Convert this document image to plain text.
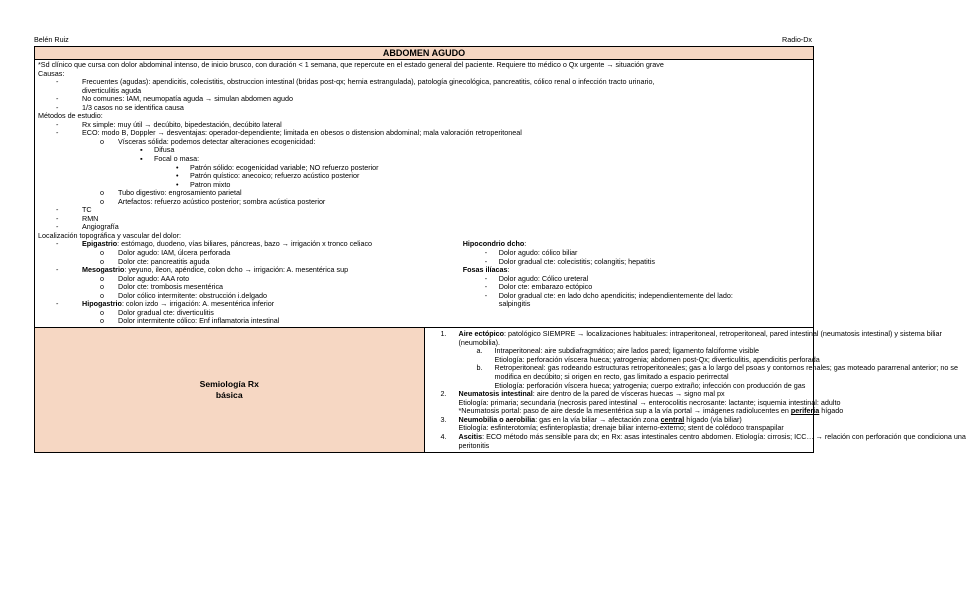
Belén Ruiz	Radio-Dx
ABDOMEN AGUDO

*Sd clínico que cursa con dolor abdominal intenso, de inicio brusco, con duración < 1 semana, que repercute en el estado general del paciente. Requiere tto médico o Qx urgente → situación grave
Causas:
-	Frecuentes (agudas): apendicitis, colecistitis, obstruccion intestinal (bridas post-qx; hernia estrangulada), patología ginecológica, pancreatitis, cólico renal o infección tracto urinario,
diverticulitis aguda
-	No comunes: IAM, neumopatía aguda → simulan abdomen agudo
-	1/3 casos no se identifica causa
Métodos de estudio:
-	Rx simple: muy útil → decúbito, bipedestación, decúbito lateral
-	ECO: modo B, Doppler → desventajas: operador-dependiente; limitada en obesos o distension abdominal; mala valoración retroperitoneal
o Vísceras sólida: podemos detectar alteraciones ecogenicidad:
▪ Difusa
▪ Focal o masa:
• Patrón sólido: ecogenicidad variable; NO refuerzo posterior
• Patrón quístico: anecoico; refuerzo acústico posterior
• Patron mixto
o Tubo digestivo: engrosamiento parietal
o Artefactos: refuerzo acústico posterior; sombra acústica posterior
-	TC
-	RMN
-	Angiografía
Localización topográfica y vascular del dolor:
-	Epigastrio: estómago, duodeno, vías biliares, páncreas, bazo → irrigación x tronco celiaco
o Dolor agudo: IAM, úlcera perforada
o Dolor cte: pancreatitis aguda
-	Mesogastrio: yeyuno, ileon, apéndice, colon dcho → irrigación: A. mesentérica sup
o Dolor agudo: AAA roto
o Dolor cte: trombosis mesentérica
o Dolor cólico intermitente: obstrucción i.delgado
-	Hipogastrio: colon izdo → irrigación: A. mesentérica inferior
o Dolor gradual cte: diverticulitis
o Dolor intermitente cólico: Enf inflamatoria intestinal
Hipocondrio dcho:
- Dolor agudo: cólico biliar
- Dolor gradual cte: colecistitis; colangitis; hepatitis
Fosas ilíacas:
- Dolor agudo: Cólico ureteral
- Dolor cte: embarazo ectópico
- Dolor gradual cte: en lado dcho apendicitis; independientemente del lado:
salpingitis

Semiología Rx
básica

1. Aire ectópico: patológico SIEMPRE → localizaciones habituales: intraperitoneal, retroperitoneal, pared intestinal (neumatosis intestinal) y sistema biliar
(neumobilia).
a. Intraperitoneal: aire subdiafragmático; aire lados pared; ligamento falciforme visible
Etiología: perforación víscera hueca; yatrogenia; abdomen post-Qx; diverticulitis, apendicitis perforada
b. Retroperitoneal: gas rodeando estructuras retroperitoneales; gas a lo largo del psoas y contornos renales; gas moteado pararrenal anterior; no se
modifica en decúbito; si origen en recto, gas limitado a espacio perirrectal
Etiología: perforación víscera hueca; yatrogenia; cuerpo extraño; infección con producción de gas
2. Neumatosis intestinal: aire dentro de la pared de vísceras huecas → signo mal px
Etiología: primaria; secundaria (necrosis pared intestinal → enterocolitis necrosante: lactante; isquemia intestinal: adulto
*Neumatosis portal: paso de aire desde la mesentérica sup a la vía portal → imágenes radiolucentes en periferia hígado
3. Neumobilia o aerobilia: gas en la vía biliar → afectación zona central hígado (vía biliar)
Etiología: esfinterotomía; esfinteroplastia; drenaje biliar interno-externo; stent de colédoco transpapilar
4. Ascitis: ECO método más sensible para dx; en Rx: asas intestinales centro abdomen. Etiología: cirrosis; ICC… → relación con perforación que condiciona una
peritonitis
